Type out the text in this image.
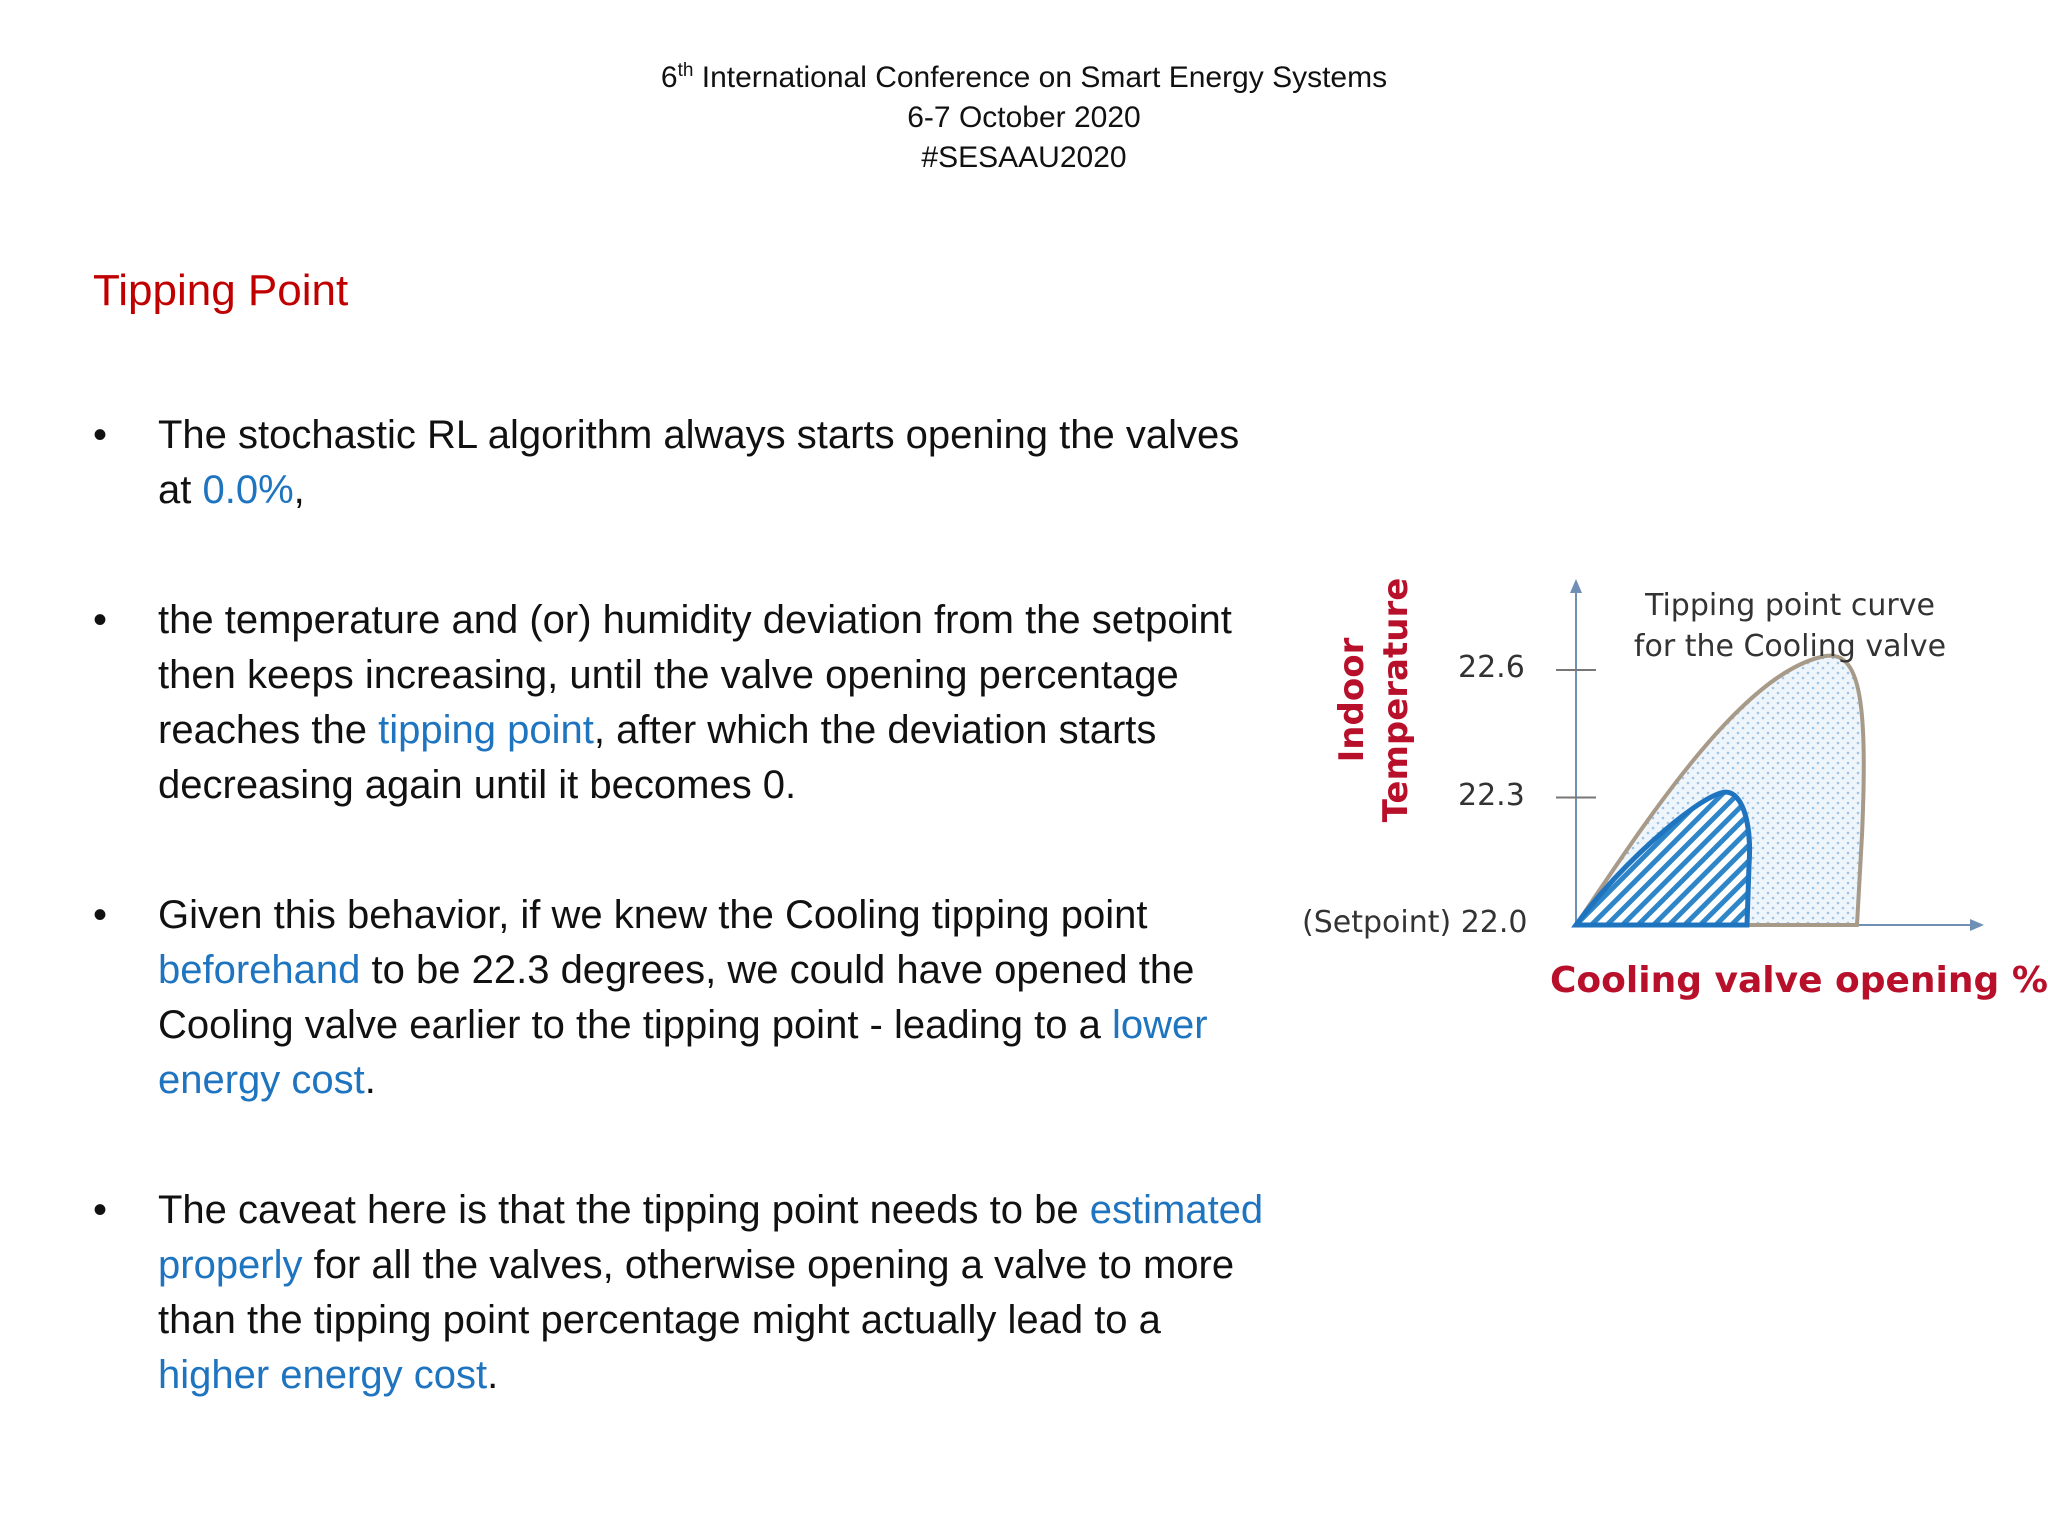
6th International Conference on Smart Energy Systems
6-7 October 2020
#SESAAU2020
Tipping Point
•	The stochastic RL algorithm always starts opening the valves at 0.0%,
•	the temperature and (or) humidity deviation from the setpoint then keeps increasing, until the valve opening percentage reaches the tipping point, after which the deviation starts decreasing again until it becomes 0.
•	Given this behavior, if we knew the Cooling tipping point beforehand to be 22.3 degrees, we could have opened the Cooling valve earlier to the tipping point - leading to a lower energy cost.
•	The caveat here is that the tipping point needs to be estimated properly for all the valves, otherwise opening a valve to more than the tipping point percentage might actually lead to a higher energy cost.
Tipping point curve
for the Cooling valve
22.6
22.3
(Setpoint) 22.0
Indoor Temperature
Cooling valve opening %
